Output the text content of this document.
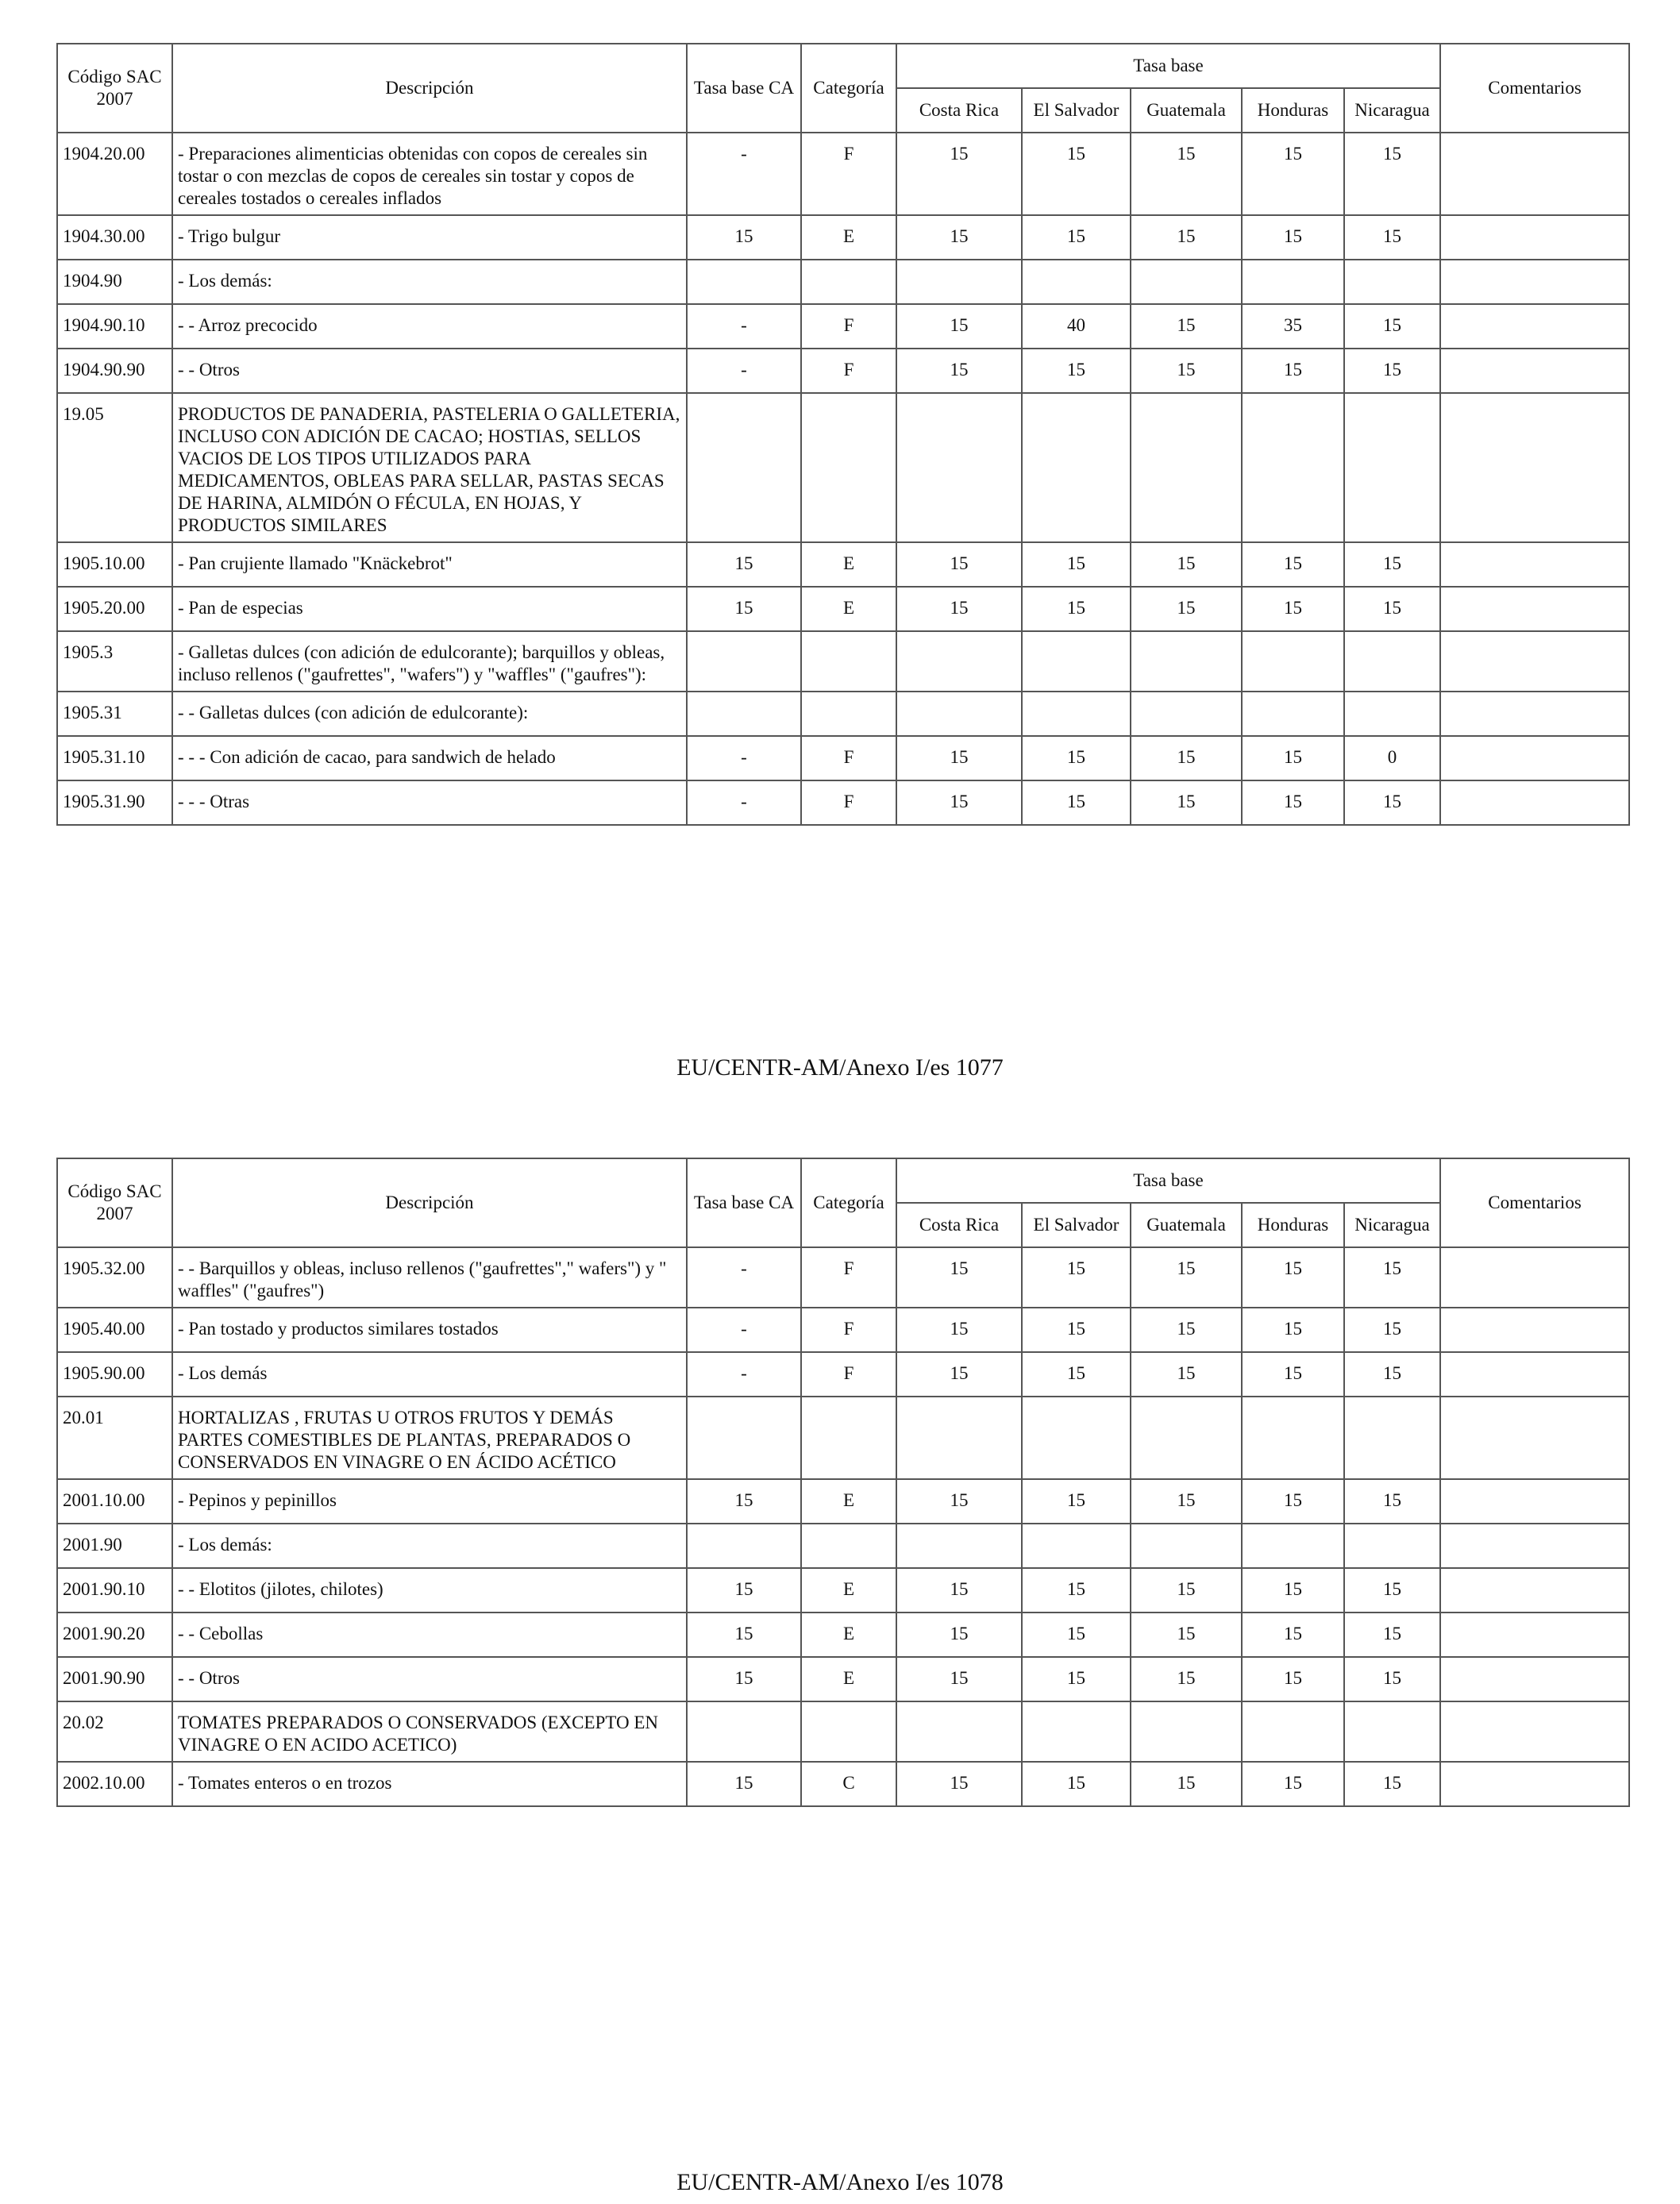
Código SAC 2007	Descripción	Tasa base CA	Categoría	Tasa base					Comentarios
				Costa Rica	El Salvador	Guatemala	Honduras	Nicaragua	
1904.20.00	- Preparaciones alimenticias obtenidas con copos de cereales sin tostar o con mezclas de copos de cereales sin tostar y copos de cereales tostados o cereales inflados	-	F	15	15	15	15	15	
1904.30.00	- Trigo bulgur	15	E	15	15	15	15	15	
1904.90	- Los demás:								
1904.90.10	- - Arroz precocido	-	F	15	40	15	35	15	
1904.90.90	- - Otros	-	F	15	15	15	15	15	
19.05	PRODUCTOS DE PANADERIA, PASTELERIA O GALLETERIA, INCLUSO CON ADICIÓN DE CACAO; HOSTIAS, SELLOS VACIOS DE LOS TIPOS UTILIZADOS PARA MEDICAMENTOS, OBLEAS PARA SELLAR, PASTAS SECAS DE HARINA, ALMIDÓN O FÉCULA, EN HOJAS, Y PRODUCTOS SIMILARES								
1905.10.00	- Pan crujiente llamado "Knäckebrot"	15	E	15	15	15	15	15	
1905.20.00	- Pan de especias	15	E	15	15	15	15	15	
1905.3	- Galletas dulces (con adición de edulcorante); barquillos y obleas, incluso rellenos ("gaufrettes", "wafers") y "waffles" ("gaufres"):								
1905.31	- - Galletas dulces (con adición de edulcorante):								
1905.31.10	- - - Con adición de cacao, para sandwich de helado	-	F	15	15	15	15	0	
1905.31.90	- - - Otras	-	F	15	15	15	15	15	
EU/CENTR-AM/Anexo I/es 1077
Código SAC 2007	Descripción	Tasa base CA	Categoría	Tasa base					Comentarios
				Costa Rica	El Salvador	Guatemala	Honduras	Nicaragua	
1905.32.00	- - Barquillos y obleas, incluso rellenos ("gaufrettes"," wafers") y " waffles" ("gaufres")	-	F	15	15	15	15	15	
1905.40.00	- Pan tostado y productos similares tostados	-	F	15	15	15	15	15	
1905.90.00	- Los demás	-	F	15	15	15	15	15	
20.01	HORTALIZAS , FRUTAS U OTROS FRUTOS Y DEMÁS PARTES COMESTIBLES DE PLANTAS, PREPARADOS O CONSERVADOS EN VINAGRE O EN ÁCIDO ACÉTICO								
2001.10.00	- Pepinos y pepinillos	15	E	15	15	15	15	15	
2001.90	- Los demás:								
2001.90.10	- - Elotitos (jilotes, chilotes)	15	E	15	15	15	15	15	
2001.90.20	- - Cebollas	15	E	15	15	15	15	15	
2001.90.90	- - Otros	15	E	15	15	15	15	15	
20.02	TOMATES PREPARADOS O CONSERVADOS (EXCEPTO EN VINAGRE O EN ACIDO ACETICO)								
2002.10.00	- Tomates enteros o en trozos	15	C	15	15	15	15	15	
EU/CENTR-AM/Anexo I/es 1078
